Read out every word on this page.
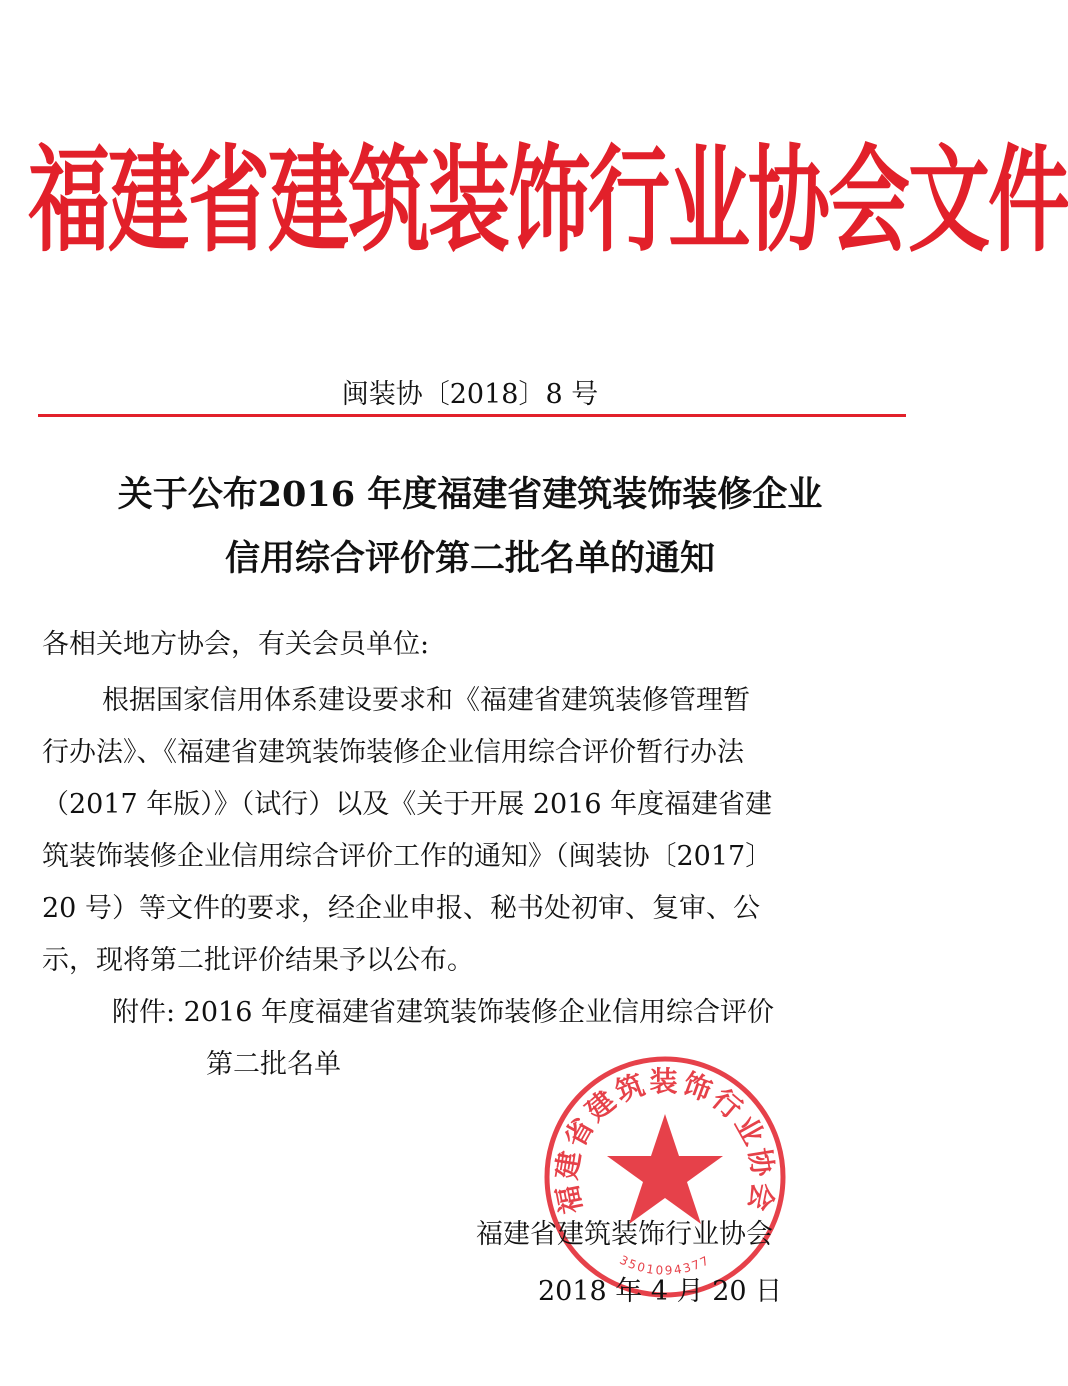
福建省建筑装饰行业协会文件
闽装协〔2018〕8 号
关于公布2016 年度福建省建筑装饰装修企业
信用综合评价第二批名单的通知
各相关地方协会，有关会员单位:
根据国家信用体系建设要求和《福建省建筑装修管理暂
行办法》、《福建省建筑装饰装修企业信用综合评价暂行办法
（2017 年版）》（试行）以及《关于开展 2016 年度福建省建
筑装饰装修企业信用综合评价工作的通知》（闽装协〔2017〕
20 号）等文件的要求，经企业申报、秘书处初审、复审、公
示，现将第二批评价结果予以公布。
附件: 2016 年度福建省建筑装饰装修企业信用综合评价
第二批名单
福建省建筑装饰行业协会
3501094377
福建省建筑装饰行业协会
2018 年 4 月 20 日
